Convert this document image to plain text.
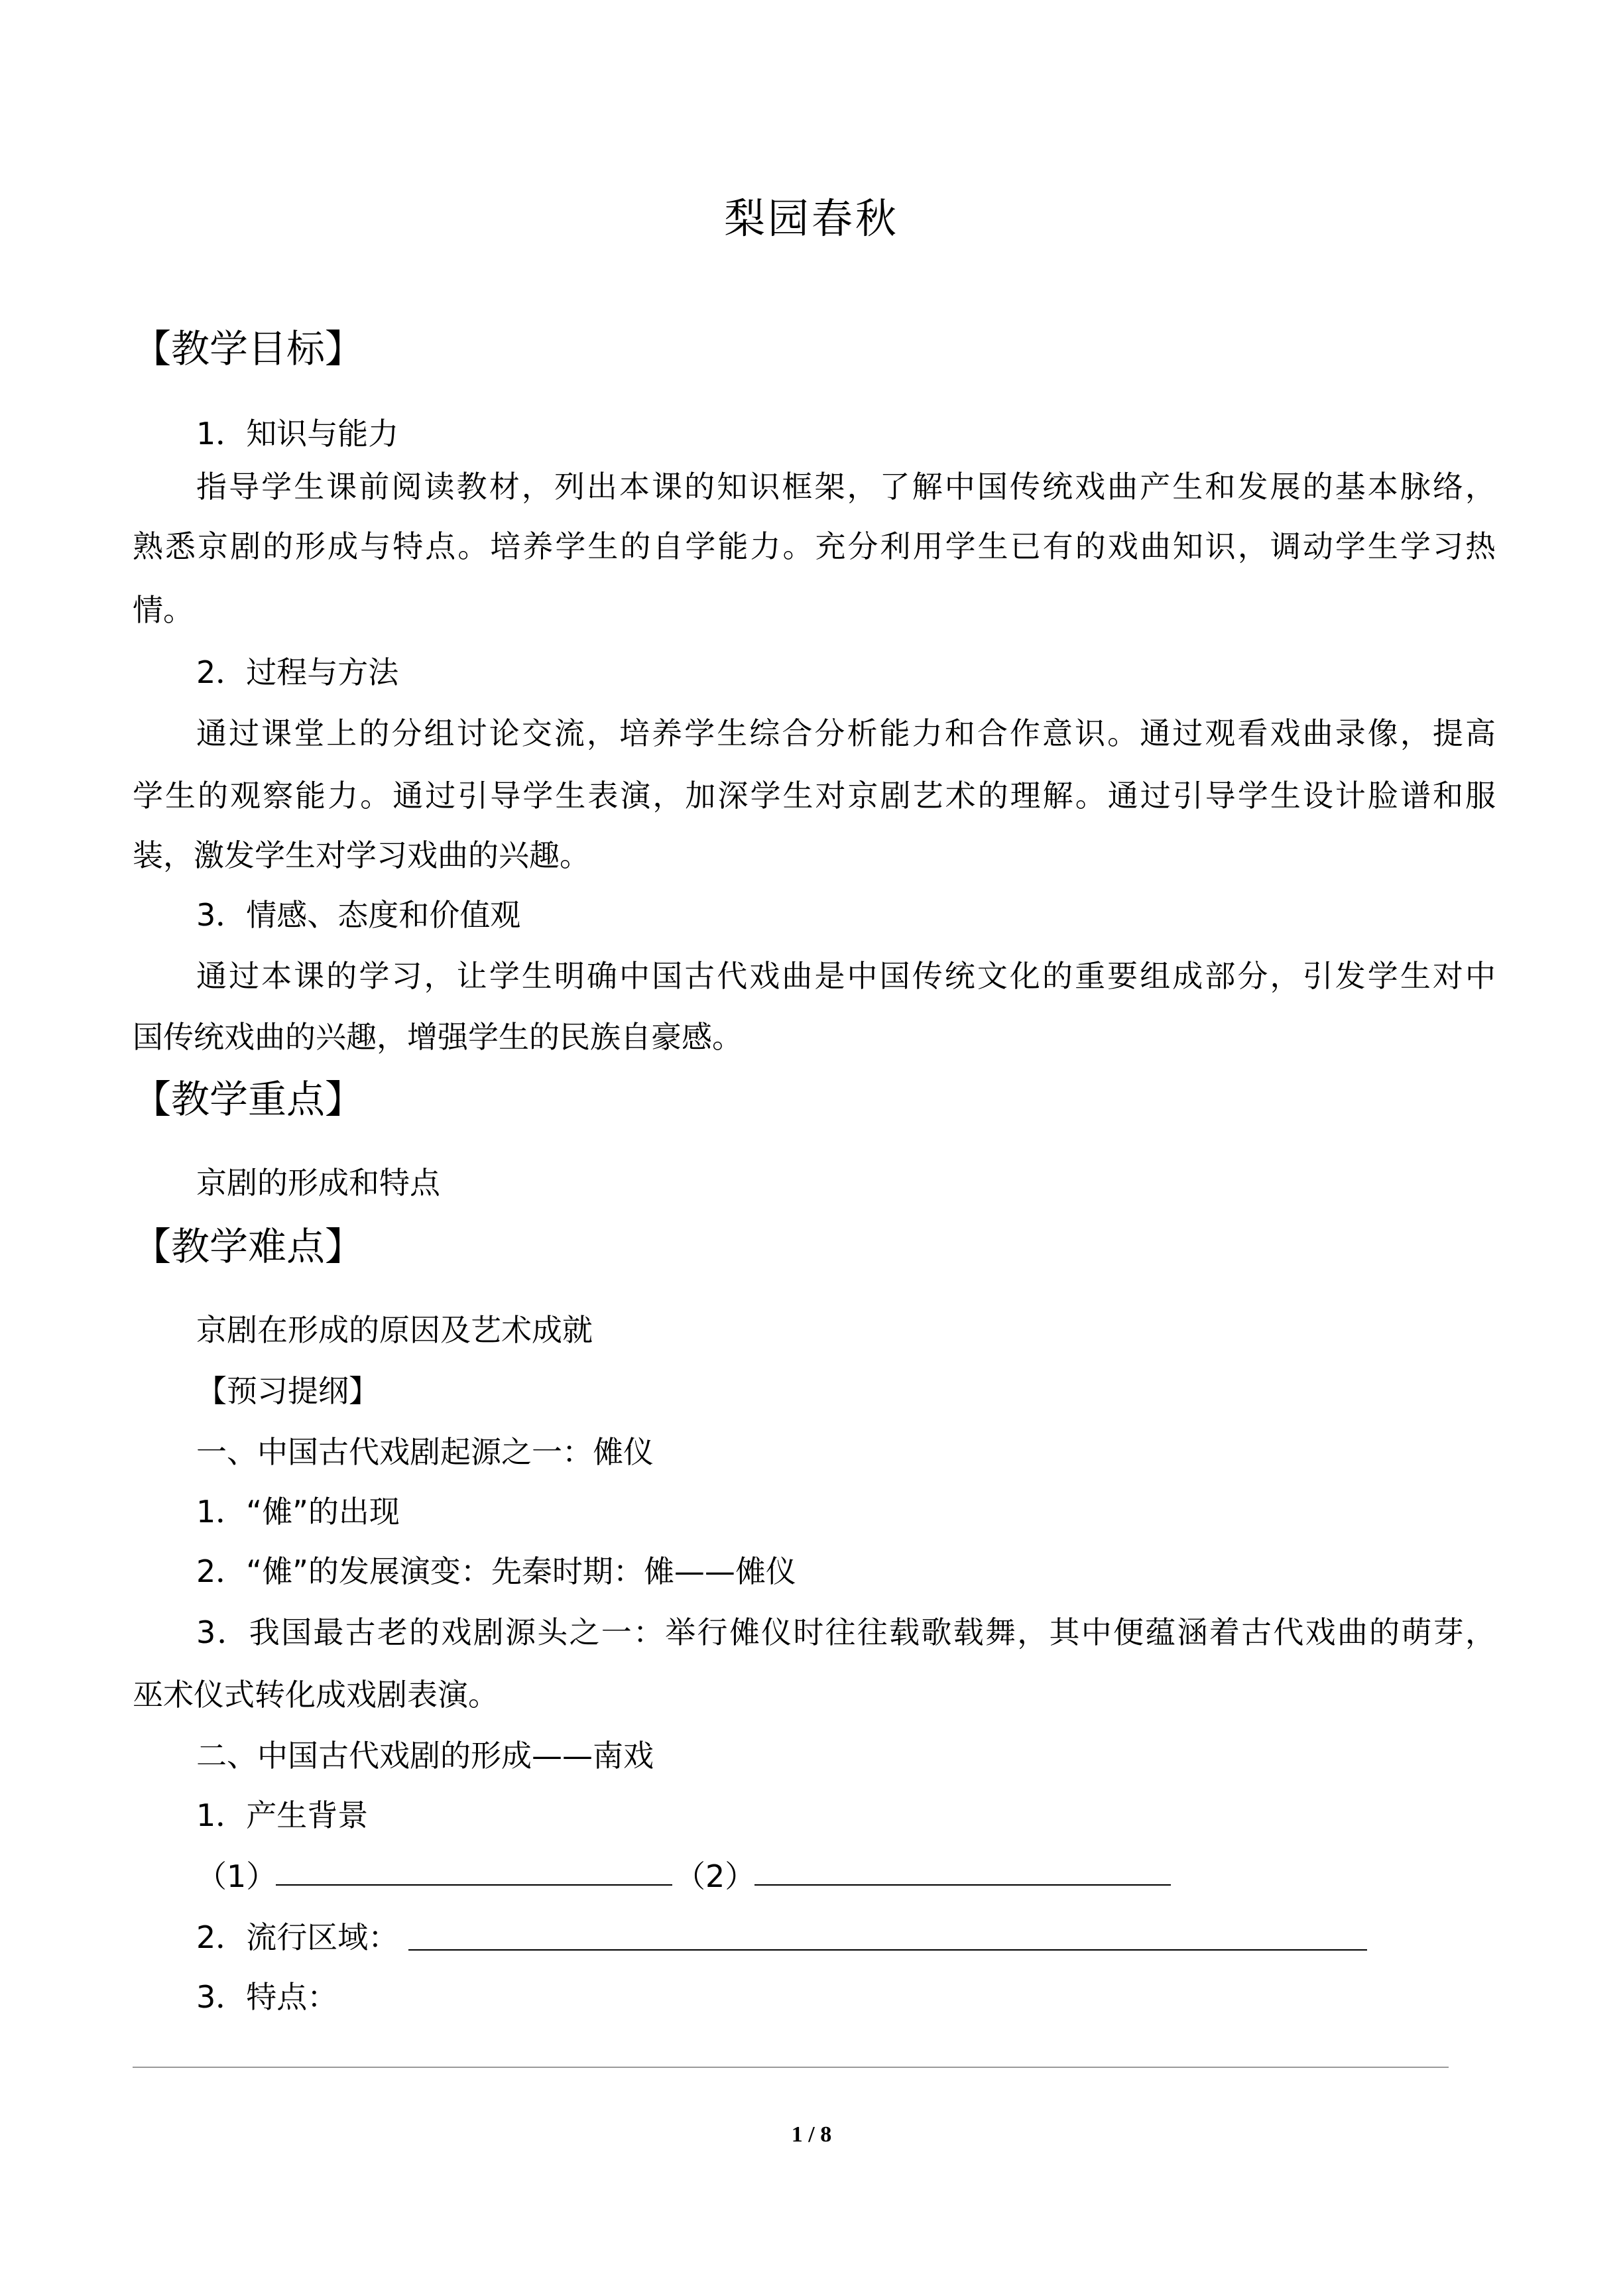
梨园春秋
【教学目标】
1．知识与能力
指导学生课前阅读教材，列出本课的知识框架，了解中国传统戏曲产生和发展的基本脉络，
熟悉京剧的形成与特点。培养学生的自学能力。充分利用学生已有的戏曲知识，调动学生学习热
情。
2．过程与方法
通过课堂上的分组讨论交流，培养学生综合分析能力和合作意识。通过观看戏曲录像，提高
学生的观察能力。通过引导学生表演，加深学生对京剧艺术的理解。通过引导学生设计脸谱和服
装，激发学生对学习戏曲的兴趣。
3．情感、态度和价值观
通过本课的学习，让学生明确中国古代戏曲是中国传统文化的重要组成部分，引发学生对中
国传统戏曲的兴趣，增强学生的民族自豪感。
【教学重点】
京剧的形成和特点
【教学难点】
京剧在形成的原因及艺术成就
【预习提纲】
一、中国古代戏剧起源之一：傩仪
1．“傩”的出现
2．“傩”的发展演变：先秦时期：傩——傩仪
3．我国最古老的戏剧源头之一：举行傩仪时往往载歌载舞，其中便蕴涵着古代戏曲的萌芽，
巫术仪式转化成戏剧表演。
二、中国古代戏剧的形成——南戏
1．产生背景
（1）	（2）
2．流行区域：
3．特点：
1 / 8
